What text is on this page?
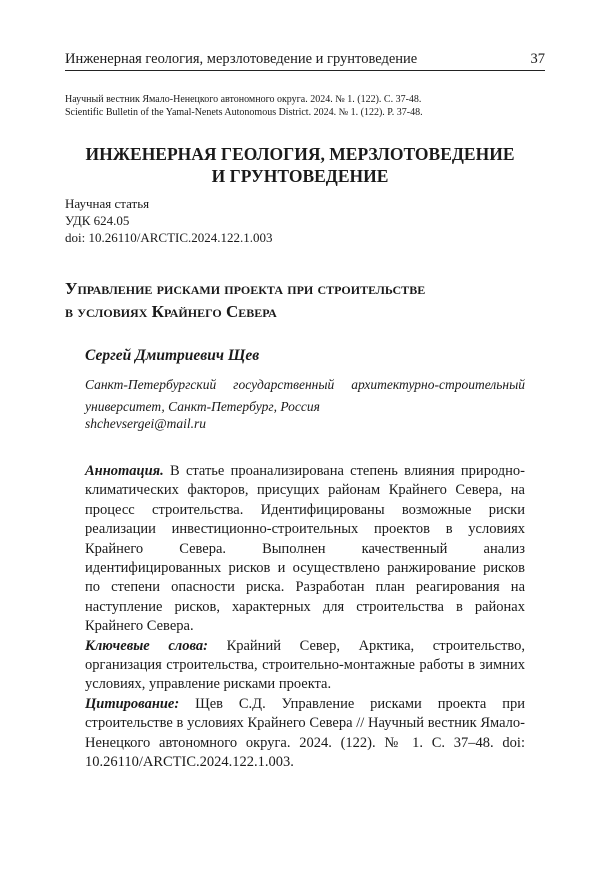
Инженерная геология, мерзлотоведение и грунтоведение	37
Научный вестник Ямало-Ненецкого автономного округа. 2024. № 1. (122). С. 37-48.
Scientific Bulletin of the Yamal-Nenets Autonomous District. 2024. № 1. (122). P. 37-48.
ИНЖЕНЕРНАЯ ГЕОЛОГИЯ, МЕРЗЛОТОВЕДЕНИЕ
И ГРУНТОВЕДЕНИЕ
Научная статья
УДК 624.05
doi: 10.26110/ARCTIC.2024.122.1.003
Управление рисками проекта при строительстве
в условиях Крайнего Севера
Сергей Дмитриевич Щев
Санкт-Петербургский государственный архитектурно-строительный университет, Санкт-Петербург, Россия
shchevsergei@mail.ru

Аннотация. В статье проанализирована степень влияния природно-климатических факторов, присущих районам Крайнего Севера, на процесс строительства. Идентифицированы возможные риски реализации инвестиционно-строительных проектов в условиях Крайнего Севера. Выполнен качественный анализ идентифицированных рисков и осуществлено ранжирование рисков по степени опасности риска. Разработан план реагирования на наступление рисков, характерных для строительства в районах Крайнего Севера.

Ключевые слова: Крайний Север, Арктика, строительство, организация строительства, строительно-монтажные работы в зимних условиях, управление рисками проекта.

Цитирование: Щев С.Д. Управление рисками проекта при строительстве в условиях Крайнего Севера // Научный вестник Ямало-Ненецкого автономного округа. 2024. (122). № 1. С. 37–48. doi: 10.26110/ARCTIC.2024.122.1.003.
